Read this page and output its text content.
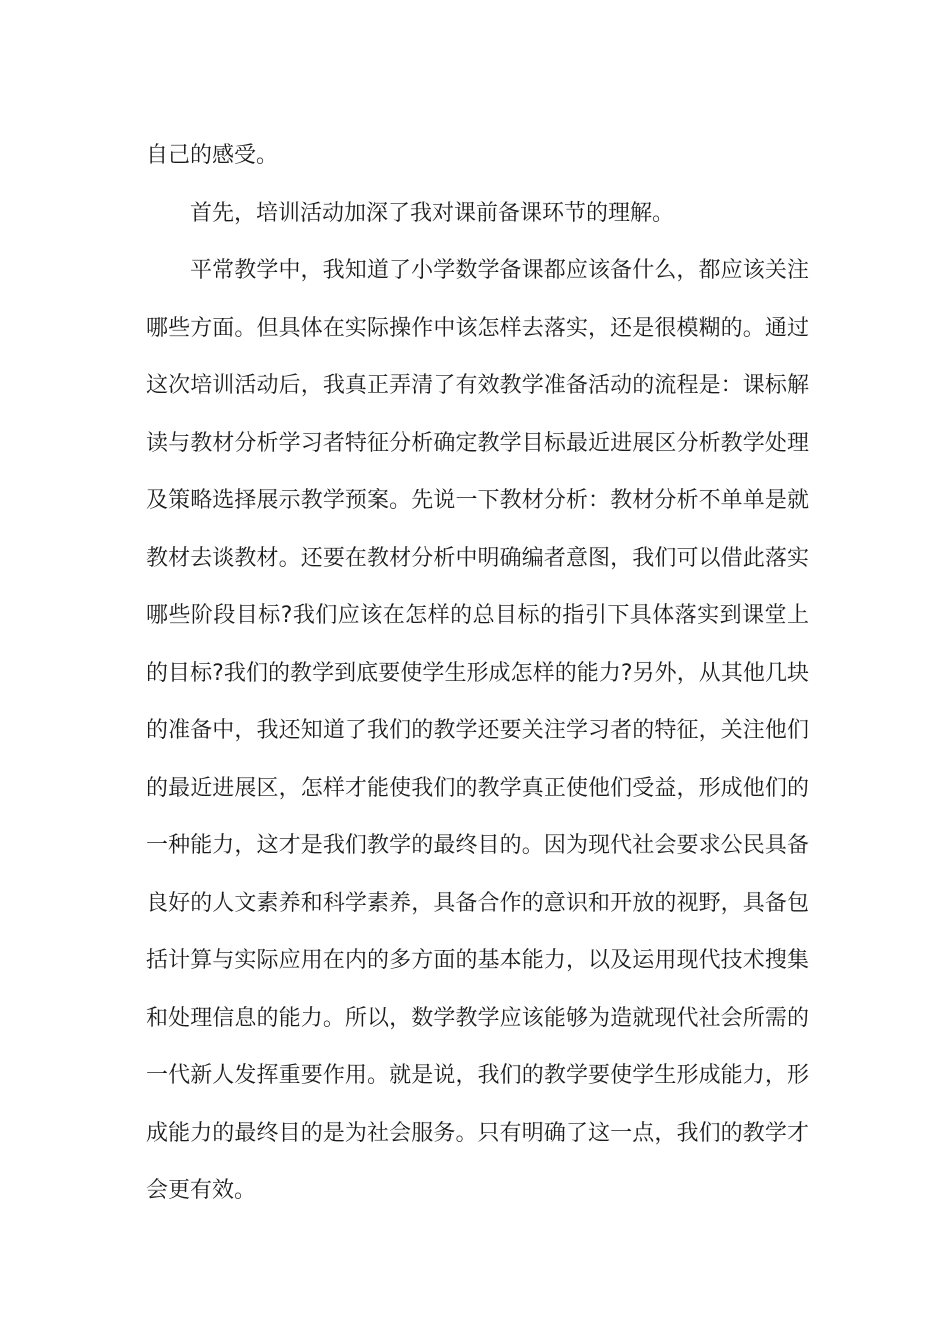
自己的感受。

首先，培训活动加深了我对课前备课环节的理解。

平常教学中，我知道了小学数学备课都应该备什么，都应该关注哪些方面。但具体在实际操作中该怎样去落实，还是很模糊的。通过这次培训活动后，我真正弄清了有效教学准备活动的流程是：课标解读与教材分析学习者特征分析确定教学目标最近进展区分析教学处理及策略选择展示教学预案。先说一下教材分析：教材分析不单单是就教材去谈教材。还要在教材分析中明确编者意图，我们可以借此落实哪些阶段目标?我们应该在怎样的总目标的指引下具体落实到课堂上的目标?我们的教学到底要使学生形成怎样的能力?另外，从其他几块的准备中，我还知道了我们的教学还要关注学习者的特征，关注他们的最近进展区，怎样才能使我们的教学真正使他们受益，形成他们的一种能力，这才是我们教学的最终目的。因为现代社会要求公民具备良好的人文素养和科学素养，具备合作的意识和开放的视野，具备包括计算与实际应用在内的多方面的基本能力，以及运用现代技术搜集和处理信息的能力。所以，数学教学应该能够为造就现代社会所需的一代新人发挥重要作用。就是说，我们的教学要使学生形成能力，形成能力的最终目的是为社会服务。只有明确了这一点，我们的教学才会更有效。
